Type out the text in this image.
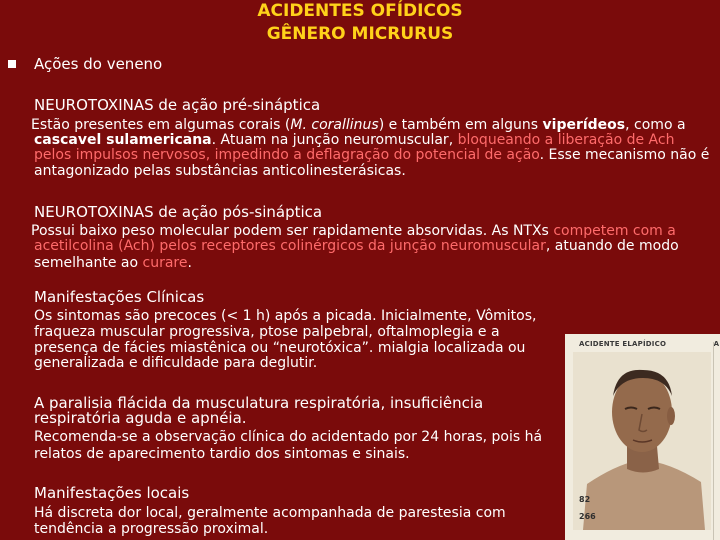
ACIDENTES OFÍDICOS
GÊNERO MICRURUS
Ações do veneno
NEUROTOXINAS de ação pré-sináptica
Estão presentes em algumas corais (M. corallinus) e também em alguns viperídeos, como a
cascavel sulamericana. Atuam na junção neuromuscular, bloqueando a liberação de Ach
pelos impulsos nervosos, impedindo a deflagração do potencial de ação. Esse mecanismo não é
antagonizado pelas substâncias anticolinesterásicas.
NEUROTOXINAS de ação pós-sináptica
Possui baixo peso molecular podem ser rapidamente absorvidas. As NTXs competem com a
acetilcolina (Ach) pelos receptores colinérgicos da junção neuromuscular, atuando de modo
semelhante ao curare.
Manifestações Clínicas
Os sintomas são precoces (< 1 h) após a picada. Inicialmente, Vômitos,
fraqueza muscular progressiva, ptose palpebral, oftalmoplegia e a
presença de fácies miastênica ou “neurotóxica”. mialgia localizada ou
generalizada e dificuldade para deglutir.
A paralisia flácida da musculatura respiratória, insuficiência
respiratória aguda e apnéia.
Recomenda-se a observação clínica do acidentado por 24 horas, pois há
relatos de aparecimento tardio dos sintomas e sinais.
Manifestações locais
Há discreta dor local, geralmente acompanhada de parestesia com
tendência a progressão proximal.
ACIDENTE ELAPÍDICO	A
82
266
